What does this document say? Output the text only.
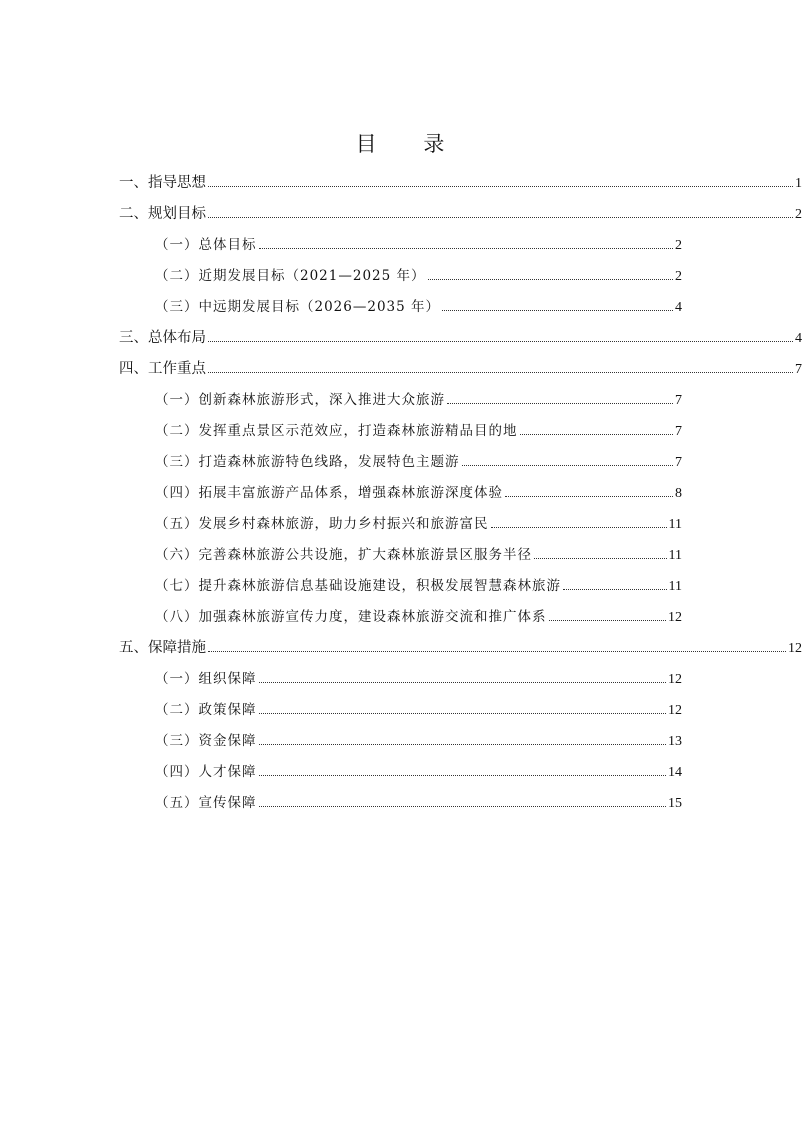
目 录
一、指导思想	1
二、规划目标	2
（一）总体目标	2
（二）近期发展目标（2021—2025 年）	2
（三）中远期发展目标（2026—2035 年）	4
三、总体布局	4
四、工作重点	7
（一）创新森林旅游形式，深入推进大众旅游	7
（二）发挥重点景区示范效应，打造森林旅游精品目的地	7
（三）打造森林旅游特色线路，发展特色主题游	7
（四）拓展丰富旅游产品体系，增强森林旅游深度体验	8
（五）发展乡村森林旅游，助力乡村振兴和旅游富民	11
（六）完善森林旅游公共设施，扩大森林旅游景区服务半径	11
（七）提升森林旅游信息基础设施建设，积极发展智慧森林旅游	11
（八）加强森林旅游宣传力度，建设森林旅游交流和推广体系	12
五、保障措施	12
（一）组织保障	12
（二）政策保障	12
（三）资金保障	13
（四）人才保障	14
（五）宣传保障	15
